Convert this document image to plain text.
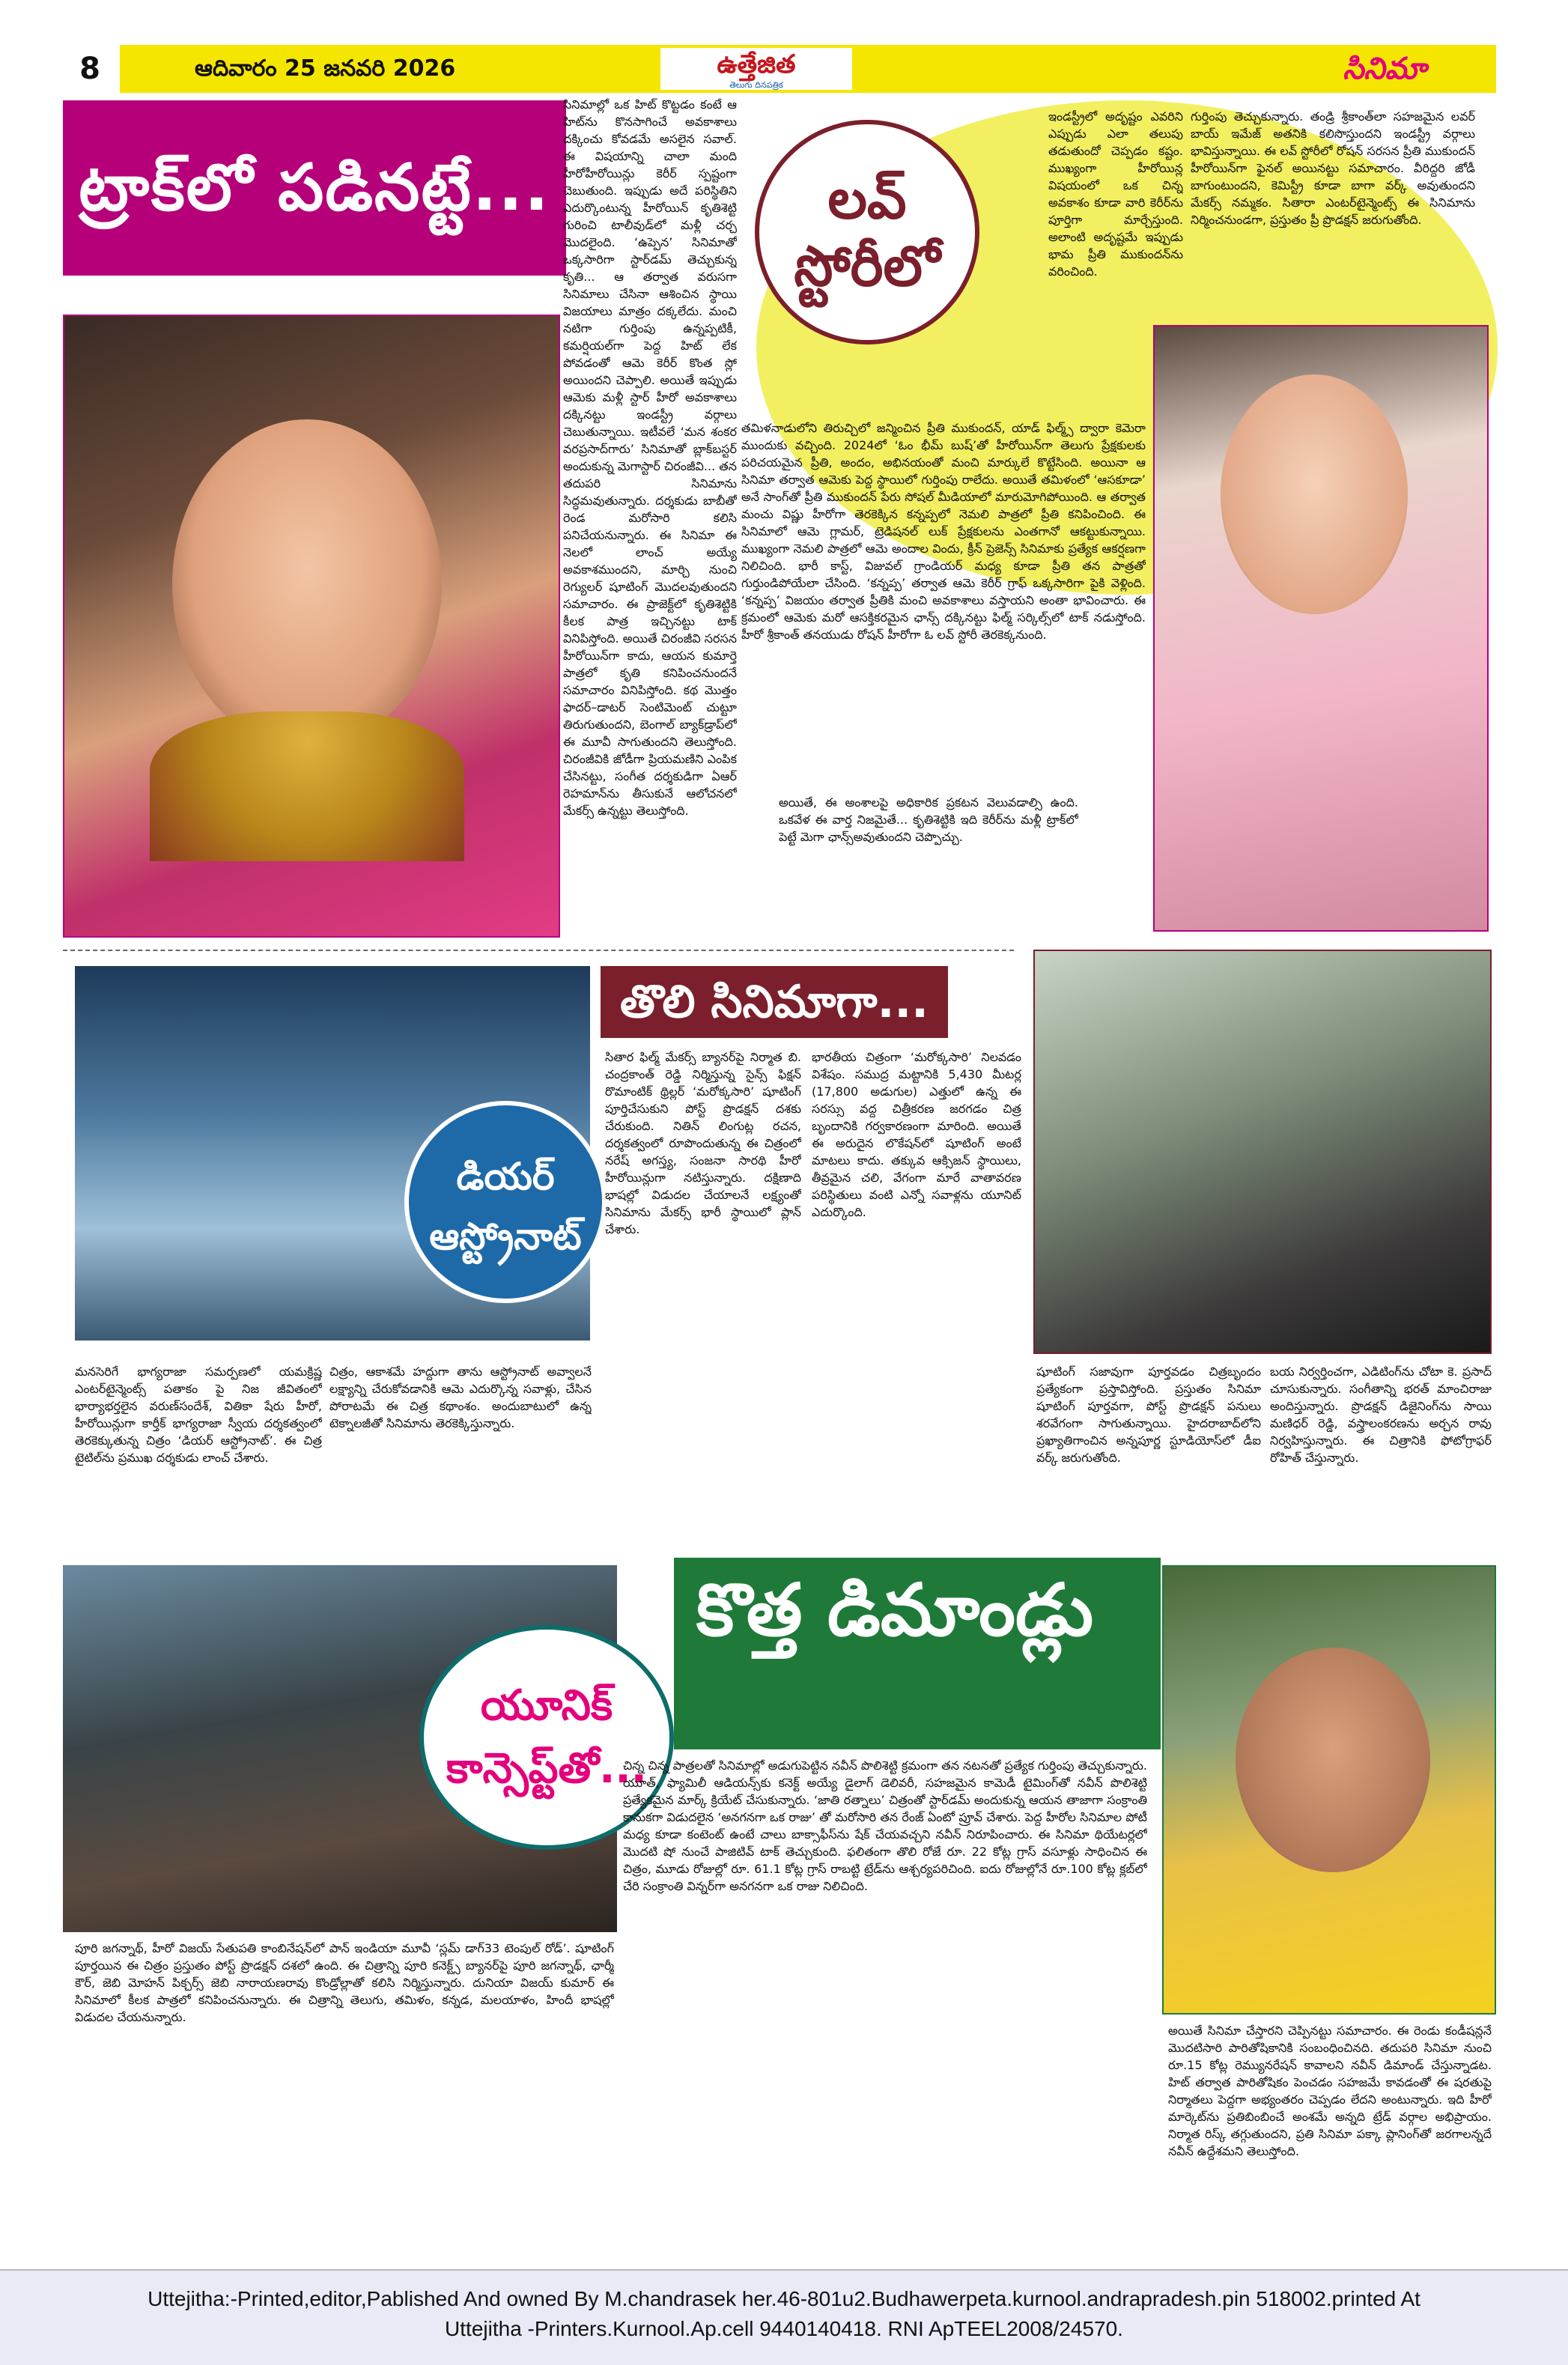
8	ఆదివారం 25 జనవరి 2026	ఉత్తేజిత
తెలుగు దినపత్రిక	సినిమా
ట్రాక్‌లో పడినట్టే...
సినిమాల్లో ఒక హిట్ కొట్టడం కంటే ఆ హిట్‌ను కొనసాగించే అవకాశాలు దక్కించు కోవడమే అసలైన సవాల్. ఈ విషయాన్ని చాలా మంది హీరోహీరోయిన్లు కెరీర్ స్పష్టంగా చెబుతుంది. ఇప్పుడు అదే పరిస్థితిని ఎదుర్కొంటున్న హీరోయిన్ కృతిశెట్టి గురించి టాలీవుడ్‌లో మళ్లీ చర్చ మొదలైంది. ‘ఉప్పెన’ సినిమాతో ఒక్కసారిగా స్టార్‌డమ్ తెచ్చుకున్న కృతి... ఆ తర్వాత వరుసగా సినిమాలు చేసినా ఆశించిన స్థాయి విజయాలు మాత్రం దక్కలేదు. మంచి నటిగా గుర్తింపు ఉన్నప్పటికీ, కమర్షియల్‌గా పెద్ద హిట్ లేక పోవడంతో ఆమె కెరీర్ కొంత స్లో అయిందని చెప్పాలి. అయితే ఇప్పుడు ఆమెకు మళ్లీ స్టార్ హీరో అవకాశాలు దక్కినట్టు ఇండస్ట్రీ వర్గాలు చెబుతున్నాయి. ఇటీవలే ‘మన శంకర వరప్రసాద్‌గారు’ సినిమాతో బ్లాక్‌బస్టర్ అందుకున్న మెగాస్టార్ చిరంజీవి... తన తదుపరి సినిమాను సిద్ధమవుతున్నారు. దర్శకుడు బాబీతో రెండ మరోసారి కలిసి పనిచేయనున్నారు. ఈ సినిమా ఈ నెలలో లాంచ్ అయ్యే అవకాశముందని, మార్చి నుంచి రెగ్యులర్ షూటింగ్ మొదలవుతుందని సమాచారం. ఈ ప్రాజెక్ట్‌లో కృతిశెట్టికి కీలక పాత్ర ఇచ్చినట్టు టాక్ వినిపిస్తోంది. అయితే చిరంజీవి సరసన హీరోయిన్‌గా కాదు, ఆయన కుమార్తె పాత్రలో కృతి కనిపించనుందనే సమాచారం వినిపిస్తోంది. కథ మొత్తం ఫాదర్–డాటర్ సెంటిమెంట్ చుట్టూ తిరుగుతుందని, బెంగాల్ బ్యాక్‌డ్రాప్‌లో ఈ మూవీ సాగుతుందని తెలుస్తోంది. చిరంజీవికి జోడీగా ప్రియమణిని ఎంపిక చేసినట్టు, సంగీత దర్శకుడిగా ఏఆర్ రెహమాన్‌ను తీసుకునే ఆలోచనలో మేకర్స్ ఉన్నట్టు తెలుస్తోంది.
లవ్ స్టోరీలో
ఇండస్ట్రీలో అదృష్టం ఎవరిని ఎప్పుడు ఎలా తలుపు తడుతుందో చెప్పడం కష్టం. ముఖ్యంగా హీరోయిన్ల విషయంలో ఒక చిన్న అవకాశం కూడా వారి కెరీర్‌ను పూర్తిగా మార్చేస్తుంది. అలాంటి అదృష్టమే ఇప్పుడు భామ ప్రీతి ముకుందన్‌ను వరించింది.
గుర్తింపు తెచ్చుకున్నారు. తండ్రి శ్రీకాంత్‌లా సహజమైన లవర్ బాయ్ ఇమేజ్ అతనికి కలిసొస్తుందని ఇండస్ట్రీ వర్గాలు భావిస్తున్నాయి. ఈ లవ్ స్టోరీలో రోషన్ సరసన ప్రీతి ముకుందన్ హీరోయిన్‌గా ఫైనల్ అయినట్టు సమాచారం. వీరిద్దరి జోడీ బాగుంటుందని, కెమిస్ట్రీ కూడా బాగా వర్క్ అవుతుందని మేకర్స్ నమ్మకం. సితారా ఎంటర్‌టైన్మెంట్స్ ఈ సినిమాను నిర్మించనుండగా, ప్రస్తుతం ప్రీ ప్రొడక్షన్ జరుగుతోంది.
తమిళనాడులోని తిరుచ్చిలో జన్మించిన ప్రీతి ముకుందన్, యాడ్ ఫిల్మ్స్ ద్వారా కెమెరా ముందుకు వచ్చింది. 2024లో ‘ఓం భీమ్ బుష్’తో హీరోయిన్‌గా తెలుగు ప్రేక్షకులకు పరిచయమైన ప్రీతి, అందం, అభినయంతో మంచి మార్కులే కొట్టేసింది. అయినా ఆ సినిమా తర్వాత ఆమెకు పెద్ద స్థాయిలో గుర్తింపు రాలేదు. అయితే తమిళంలో ‘ఆసకూడా’ అనే సాంగ్‌తో ప్రీతి ముకుందన్ పేరు సోషల్ మీడియాలో మారుమోగిపోయింది. ఆ తర్వాత మంచు విష్ణు హీరోగా తెరకెక్కిన కన్నప్పలో నెమలి పాత్రలో ప్రీతి కనిపించింది. ఈ సినిమాలో ఆమె గ్లామర్, ట్రెడిషనల్ లుక్ ప్రేక్షకులను ఎంతగానో ఆకట్టుకున్నాయి. ముఖ్యంగా నెమలి పాత్రలో ఆమె అందాల విందు, క్రీన్ ప్రెజెన్స్ సినిమాకు ప్రత్యేక ఆకర్షణగా నిలిచింది. భారీ కాస్ట్, విజువల్ గ్రాండియర్ మధ్య కూడా ప్రీతి తన పాత్రతో గుర్తుండిపోయేలా చేసింది. ‘కన్నప్ప’ తర్వాత ఆమె కెరీర్ గ్రాఫ్ ఒక్కసారిగా పైకి వెళ్లింది. ‘కన్నప్ప’ విజయం తర్వాత ప్రీతికి మంచి అవకాశాలు వస్తాయని అంతా భావించారు. ఈ క్రమంలో ఆమెకు మరో ఆసక్తికరమైన ఛాన్స్ దక్కినట్టు ఫిల్మ్ సర్కిల్స్‌లో టాక్ నడుస్తోంది. హీరో శ్రీకాంత్ తనయుడు రోషన్ హీరోగా ఓ లవ్ స్టోరీ తెరకెక్కనుంది.
అయితే, ఈ అంశాలపై అధికారిక ప్రకటన వెలువడాల్సి ఉంది. ఒకవేళ ఈ వార్త నిజమైతే... కృతిశెట్టికి ఇది కెరీర్‌ను మళ్లీ ట్రాక్‌లో పెట్టే మెగా ఛాన్స్‌అవుతుందని చెప్పొచ్చు.
డియర్ ఆస్ట్రోనాట్
తొలి సినిమాగా...
సితార ఫిల్మ్ మేకర్స్ బ్యానర్‌పై నిర్మాత బి. చంద్రకాంత్ రెడ్డి నిర్మిస్తున్న సైన్స్ ఫిక్షన్ రొమాంటిక్ థ్రిల్లర్ ‘మరోక్కసారి’ షూటింగ్ పూర్తిచేసుకుని పోస్ట్ ప్రొడక్షన్ దశకు చేరుకుంది. నితిన్ లింగుట్ల రచన, దర్శకత్వంలో రూపొందుతున్న ఈ చిత్రంలో నరేష్ అగస్త్య, సంజనా సారథి హీరో హీరోయిన్లుగా నటిస్తున్నారు. దక్షిణాది భాషల్లో విడుదల చేయాలనే లక్ష్యంతో సినిమాను మేకర్స్ భారీ స్థాయిలో ప్లాన్ చేశారు.
భారతీయ చిత్రంగా ‘మరోక్కసారి’ నిలవడం విశేషం. సముద్ర మట్టానికి 5,430 మీటర్ల (17,800 అడుగుల) ఎత్తులో ఉన్న ఈ సరస్సు వద్ద చిత్రీకరణ జరగడం చిత్ర బృందానికి గర్వకారణంగా మారింది. అయితే ఈ అరుదైన లొకేషన్‌లో షూటింగ్ అంటే మాటలు కాదు. తక్కువ ఆక్సిజన్ స్థాయిలు, తీవ్రమైన చలి, వేగంగా మారే వాతావరణ పరిస్థితులు వంటి ఎన్నో సవాళ్లను యూనిట్ ఎదుర్కొంది.
షూటింగ్ సజావుగా పూర్తవడం చిత్రబృందం ప్రత్యేకంగా ప్రస్తావిస్తోంది. ప్రస్తుతం సినిమా షూటింగ్ పూర్తవగా, పోస్ట్ ప్రొడక్షన్ పనులు శరవేగంగా సాగుతున్నాయి. హైదరాబాద్‌లోని ప్రఖ్యాతిగాంచిన అన్నపూర్ణ స్టూడియోస్‌లో డీఐ వర్క్ జరుగుతోంది.
బయ నిర్వర్తించగా, ఎడిటింగ్‌ను చోటా కె. ప్రసాద్ చూసుకున్నారు. సంగీతాన్ని భరత్ మాంచిరాజు అందిస్తున్నారు. ప్రొడక్షన్ డిజైనింగ్‌ను సాయి మణిధర్ రెడ్డి, వస్త్రాలంకరణను అర్చన రావు నిర్వహిస్తున్నారు. ఈ చిత్రానికి ఫోటోగ్రాఫర్ రోహిత్ చేస్తున్నారు.
మనసెరిగే భాగ్యరాజా సమర్పణలో యమక్రిష్ణ ఎంటర్‌టైన్మెంట్స్ పతాకం పై నిజ జీవితంలో భార్యాభర్తలైన వరుణ్‌సందేశ్, వితికా షేరు హీరో, హీరోయిన్లుగా కార్తీక్ భాగ్యరాజా స్వీయ దర్శకత్వంలో తెరకెక్కుతున్న చిత్రం ‘డియర్ ఆస్ట్రోనాట్’. ఈ చిత్ర టైటిల్‌ను ప్రముఖ దర్శకుడు లాంచ్ చేశారు.
చిత్రం, ఆకాశమే హద్దుగా తాను ఆస్ట్రోనాట్ అవ్వాలనే లక్ష్యాన్ని చేరుకోవడానికి ఆమె ఎదుర్కొన్న సవాళ్లు, చేసిన పోరాటమే ఈ చిత్ర కథాంశం. అందుబాటులో ఉన్న టెక్నాలజీతో సినిమాను తెరకెక్కిస్తున్నారు.
కొత్త డిమాండ్లు
యూనిక్ కాన్సెప్ట్‌తో...
పూరి జగన్నాథ్, హీరో విజయ్ సేతుపతి కాంబినేషన్‌లో పాన్ ఇండియా మూవీ ‘స్లమ్ డాగ్33 టెంపుల్ రోడ్’. షూటింగ్ పూర్తయిన ఈ చిత్రం ప్రస్తుతం పోస్ట్ ప్రొడక్షన్ దశలో ఉంది. ఈ చిత్రాన్ని పూరి కనెక్ట్స్ బ్యానర్‌పై పూరి జగన్నాథ్, ఛార్మీ కౌర్, జెబి మోహన్ పిక్చర్స్ జెబి నారాయణరావు కొండ్రోల్లాతో కలిసి నిర్మిస్తున్నారు. దునియా విజయ్ కుమార్ ఈ సినిమాలో కీలక పాత్రలో కనిపించనున్నారు. ఈ చిత్రాన్ని తెలుగు, తమిళం, కన్నడ, మలయాళం, హిందీ భాషల్లో విడుదల చేయనున్నారు.
చిన్న చిన్న పాత్రలతో సినిమాల్లో అడుగుపెట్టిన నవీన్ పొలిశెట్టి క్రమంగా తన నటనతో ప్రత్యేక గుర్తింపు తెచ్చుకున్నారు. యూత్, ఫ్యామిలీ ఆడియన్స్‌కు కనెక్ట్ అయ్యే డైలాగ్ డెలివరీ, సహజమైన కామెడీ టైమింగ్‌తో నవీన్ పొలిశెట్టి ప్రత్యేకమైన మార్క్ క్రియేట్ చేసుకున్నారు. ‘జాతి రత్నాలు’ చిత్రంతో స్టార్‌డమ్ అందుకున్న ఆయన తాజాగా సంక్రాంతి కానుకగా విడుదలైన ‘అనగనగా ఒక రాజు’ తో మరోసారి తన రేంజ్ ఏంటో ప్రూవ్ చేశారు. పెద్ద హీరోల సినిమాల పోటీ మధ్య కూడా కంటెంట్ ఉంటే చాలు బాక్సాఫీస్‌ను షేక్ చేయవచ్చని నవీన్ నిరూపించారు. ఈ సినిమా థియేటర్లలో మొదటి షో నుంచే పాజిటివ్ టాక్ తెచ్చుకుంది. ఫలితంగా తొలి రోజే రూ. 22 కోట్ల గ్రాస్ వసూళ్లు సాధించిన ఈ చిత్రం, మూడు రోజుల్లో రూ. 61.1 కోట్ల గ్రాస్ రాబట్టి ట్రేడ్‌ను ఆశ్చర్యపరిచింది. ఐదు రోజుల్లోనే రూ.100 కోట్ల క్లబ్‌లో చేరి సంక్రాంతి విన్నర్‌గా అనగనగా ఒక రాజు నిలిచింది.
అయితే సినిమా చేస్తారని చెప్పినట్టు సమాచారం. ఈ రెండు కండీషన్లనే మొదటిసారి పారితోషికానికి సంబంధించినది. తదుపరి సినిమా నుంచి రూ.15 కోట్ల రెమ్యునరేషన్ కావాలని నవీన్ డిమాండ్ చేస్తున్నాడట. హిట్ తర్వాత పారితోషికం పెంచడం సహజమే కావడంతో ఈ షరతుపై నిర్మాతలు పెద్దగా అభ్యంతరం చెప్పడం లేదని అంటున్నారు. ఇది హీరో మార్కెట్‌ను ప్రతిబింబించే అంశమే అన్నది ట్రేడ్ వర్గాల అభిప్రాయం. నిర్మాత రిస్క్ తగ్గుతుందని, ప్రతి సినిమా పక్కా ప్లానింగ్‌తో జరగాలన్నదే నవీన్ ఉద్దేశమని తెలుస్తోంది.
Uttejitha:-Printed,editor,Pablished And owned By M.chandrasek her.46-801u2.Budhawerpeta.kurnool.andrapradesh.pin 518002.printed At
Uttejitha -Printers.Kurnool.Ap.cell 9440140418. RNI ApTEEL2008/24570.
